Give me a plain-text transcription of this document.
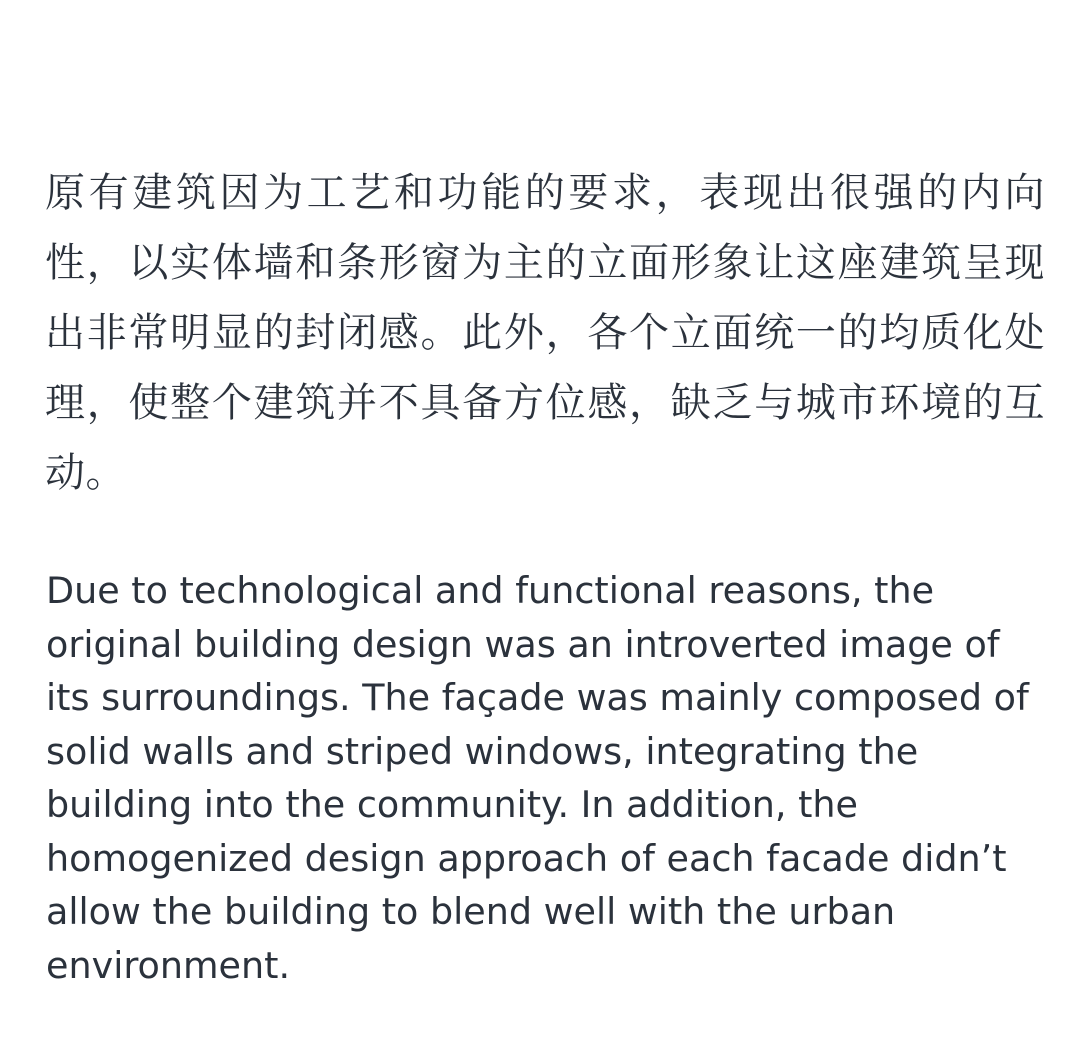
原有建筑因为工艺和功能的要求，表现出很强的内向性，以实体墙和条形窗为主的立面形象让这座建筑呈现出非常明显的封闭感。此外，各个立面统一的均质化处理，使整个建筑并不具备方位感，缺乏与城市环境的互动。

Due to technological and functional reasons, the original building design was an introverted image of its surroundings. The façade was mainly composed of solid walls and striped windows, integrating the building into the community. In addition, the homogenized design approach of each facade didn’t allow the building to blend well with the urban environment.
